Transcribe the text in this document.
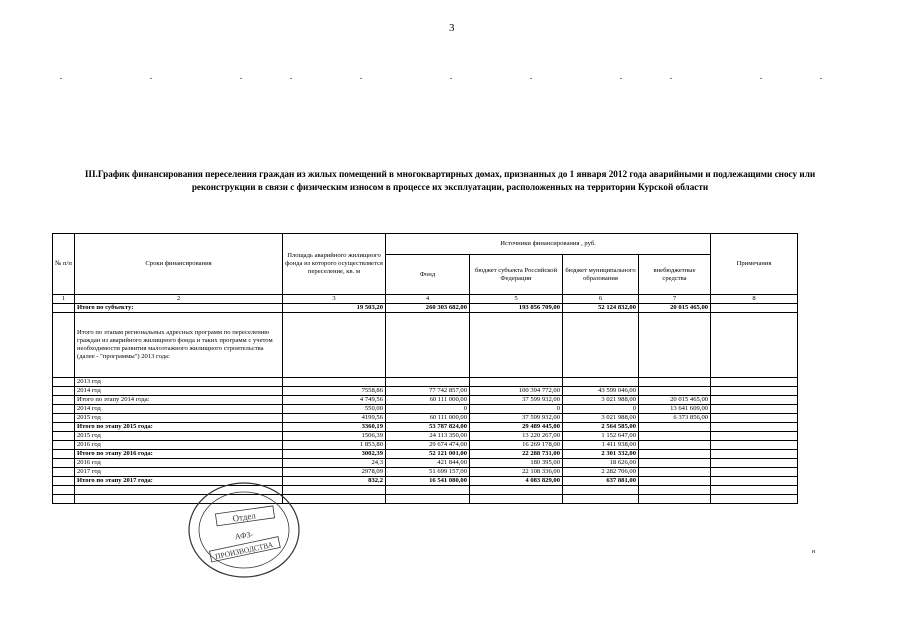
3
III.График финансирования переселения граждан из жилых помещений в многоквартирных домах, признанных до 1 января 2012 года аварийными и подлежащими сносу или реконструкции в связи с физическим износом в процессе их эксплуатации, расположенных на территории Курской области
№ п/п	Сроки финансирования	Площадь аварийного жилищного фонда из которого осуществляется переселение, кв. м	Источники финансирования , руб.				Примечания
			Фонд	бюджет субъекта Российской Федерации	бюджет муниципального образования	внебюджетные средства	
1	2	3	4	5	6	7	8
	Итого по субъекту:	19 503,20	260 303 682,00	193 856 709,00	52 124 832,00	20 015 465,00	
	Итого по этапам региональных адресных программ по переселению граждан из аварийного жилищного фонда и таких программ с учетом необходимости развития малоэтажного жилищного строительства (далее - "программы") 2013 года:						
	2013 год						
	2014 год	7558,86	77 742 857,00	100 394 772,00	43 599 046,00		
	Итого по этапу 2014 года:	4 749,56	60 111 000,00	37 599 932,00	3 021 988,00	20 015 465,00	
	2014 год	550,00	0	0	0	13 641 609,00	
	2015 год	4199,56	60 111 000,00	37 599 932,00	3 021 988,00	6 373 856,00	
	Итого по этапу 2015 года:	3360,19	53 787 824,00	29 489 445,00	2 564 585,00		
	2015 год	1506,39	24 113 350,00	13 220 267,00	1 152 647,00		
	2016 год	1 853,80	29 674 474,00	16 269 178,00	1 411 938,00		
	Итого по этапу 2016 года:	3002,39	52 121 001,00	22 288 731,00	2 301 332,00		
	2016 год	24,3	421 844,00	180 395,00	18 626,00		
	2017 год	2978,09	51 699 157,00	22 108 336,00	2 282 706,00		
	Итого по этапу 2017 года:	832,2	16 541 080,00	4 083 829,00	637 881,00		

Отдел
АФЗ-
ПРОИЗВОДСТВА	н
